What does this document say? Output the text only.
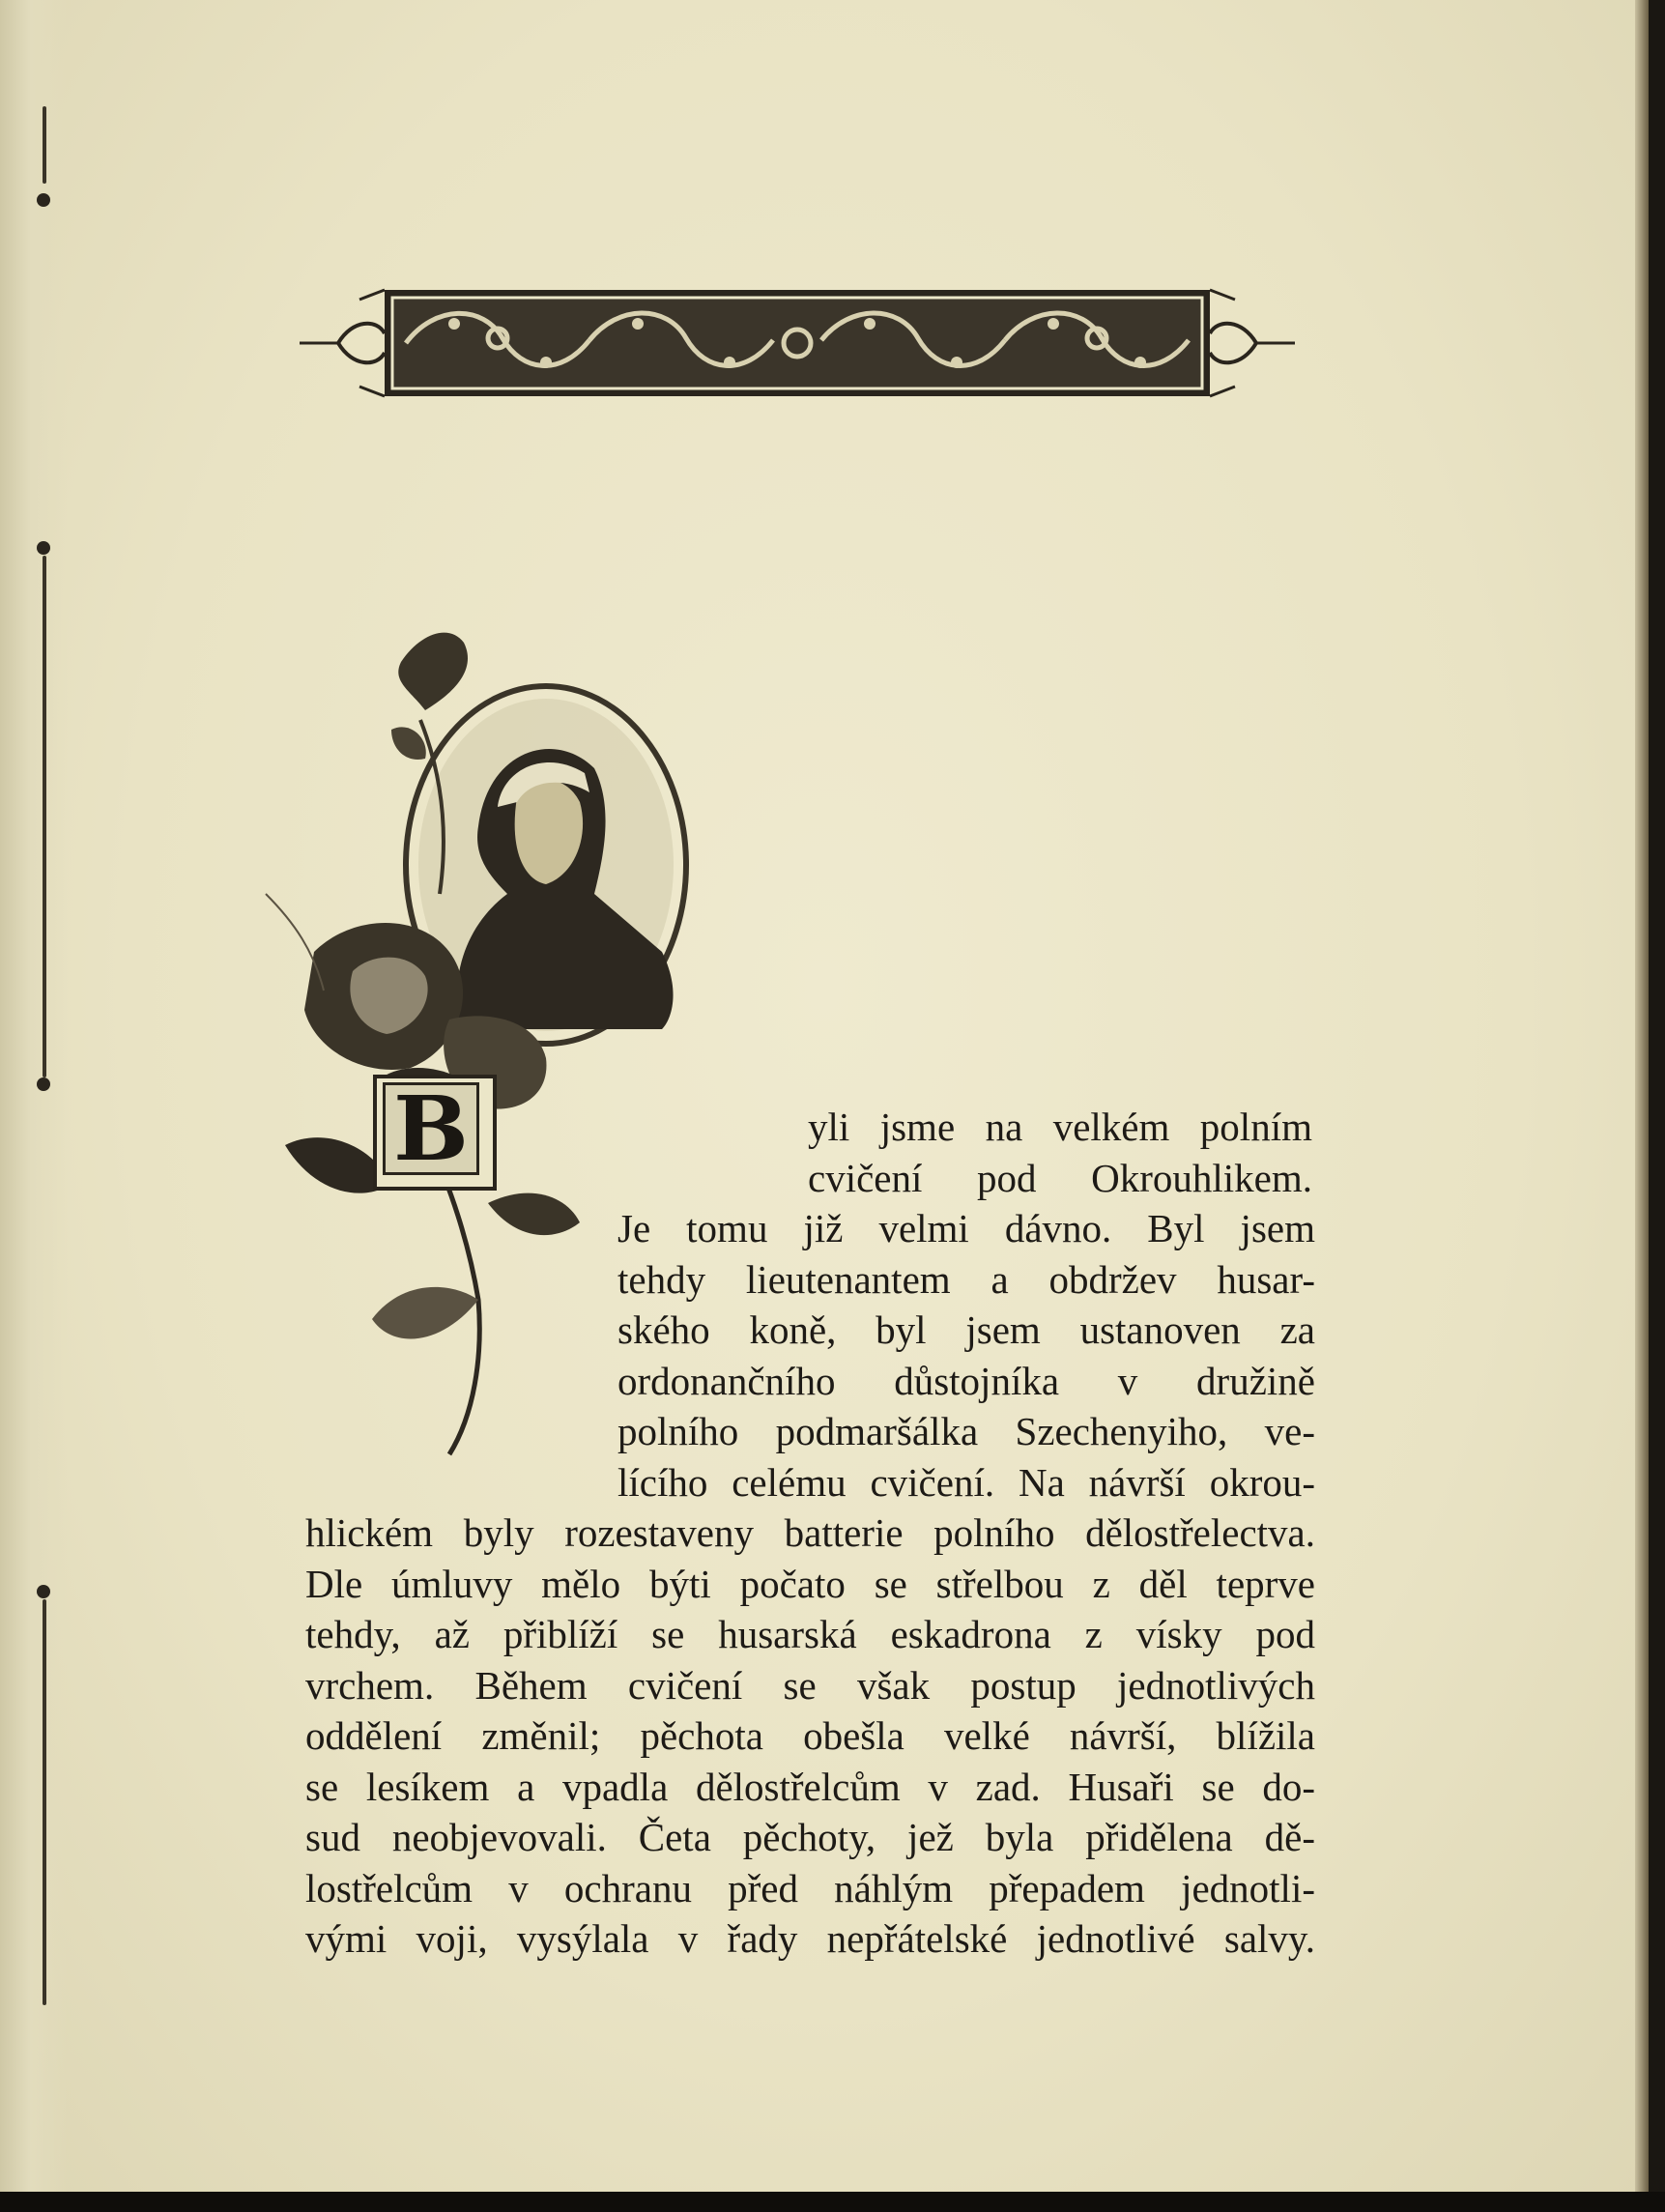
B	yli jsme na velkém polním
cvičení pod Okrouhlikem.
Je tomu již velmi dávno. Byl jsem
tehdy lieutenantem a obdržev husar-
ského koně, byl jsem ustanoven za
ordonančního důstojníka v družině
polního podmaršálka Szechenyiho, ve-
lícího celému cvičení. Na návrší okrou-
hlickém byly rozestaveny batterie polního dělostřelectva.
Dle úmluvy mělo býti počato se střelbou z děl teprve
tehdy, až přiblíží se husarská eskadrona z vísky pod
vrchem. Během cvičení se však postup jednotlivých
oddělení změnil; pěchota obešla velké návrší, blížila
se lesíkem a vpadla dělostřelcům v zad. Husaři se do-
sud neobjevovali. Četa pěchoty, jež byla přidělena dě-
lostřelcům v ochranu před náhlým přepadem jednotli-
vými voji, vysýlala v řady nepřátelské jednotlivé salvy.
